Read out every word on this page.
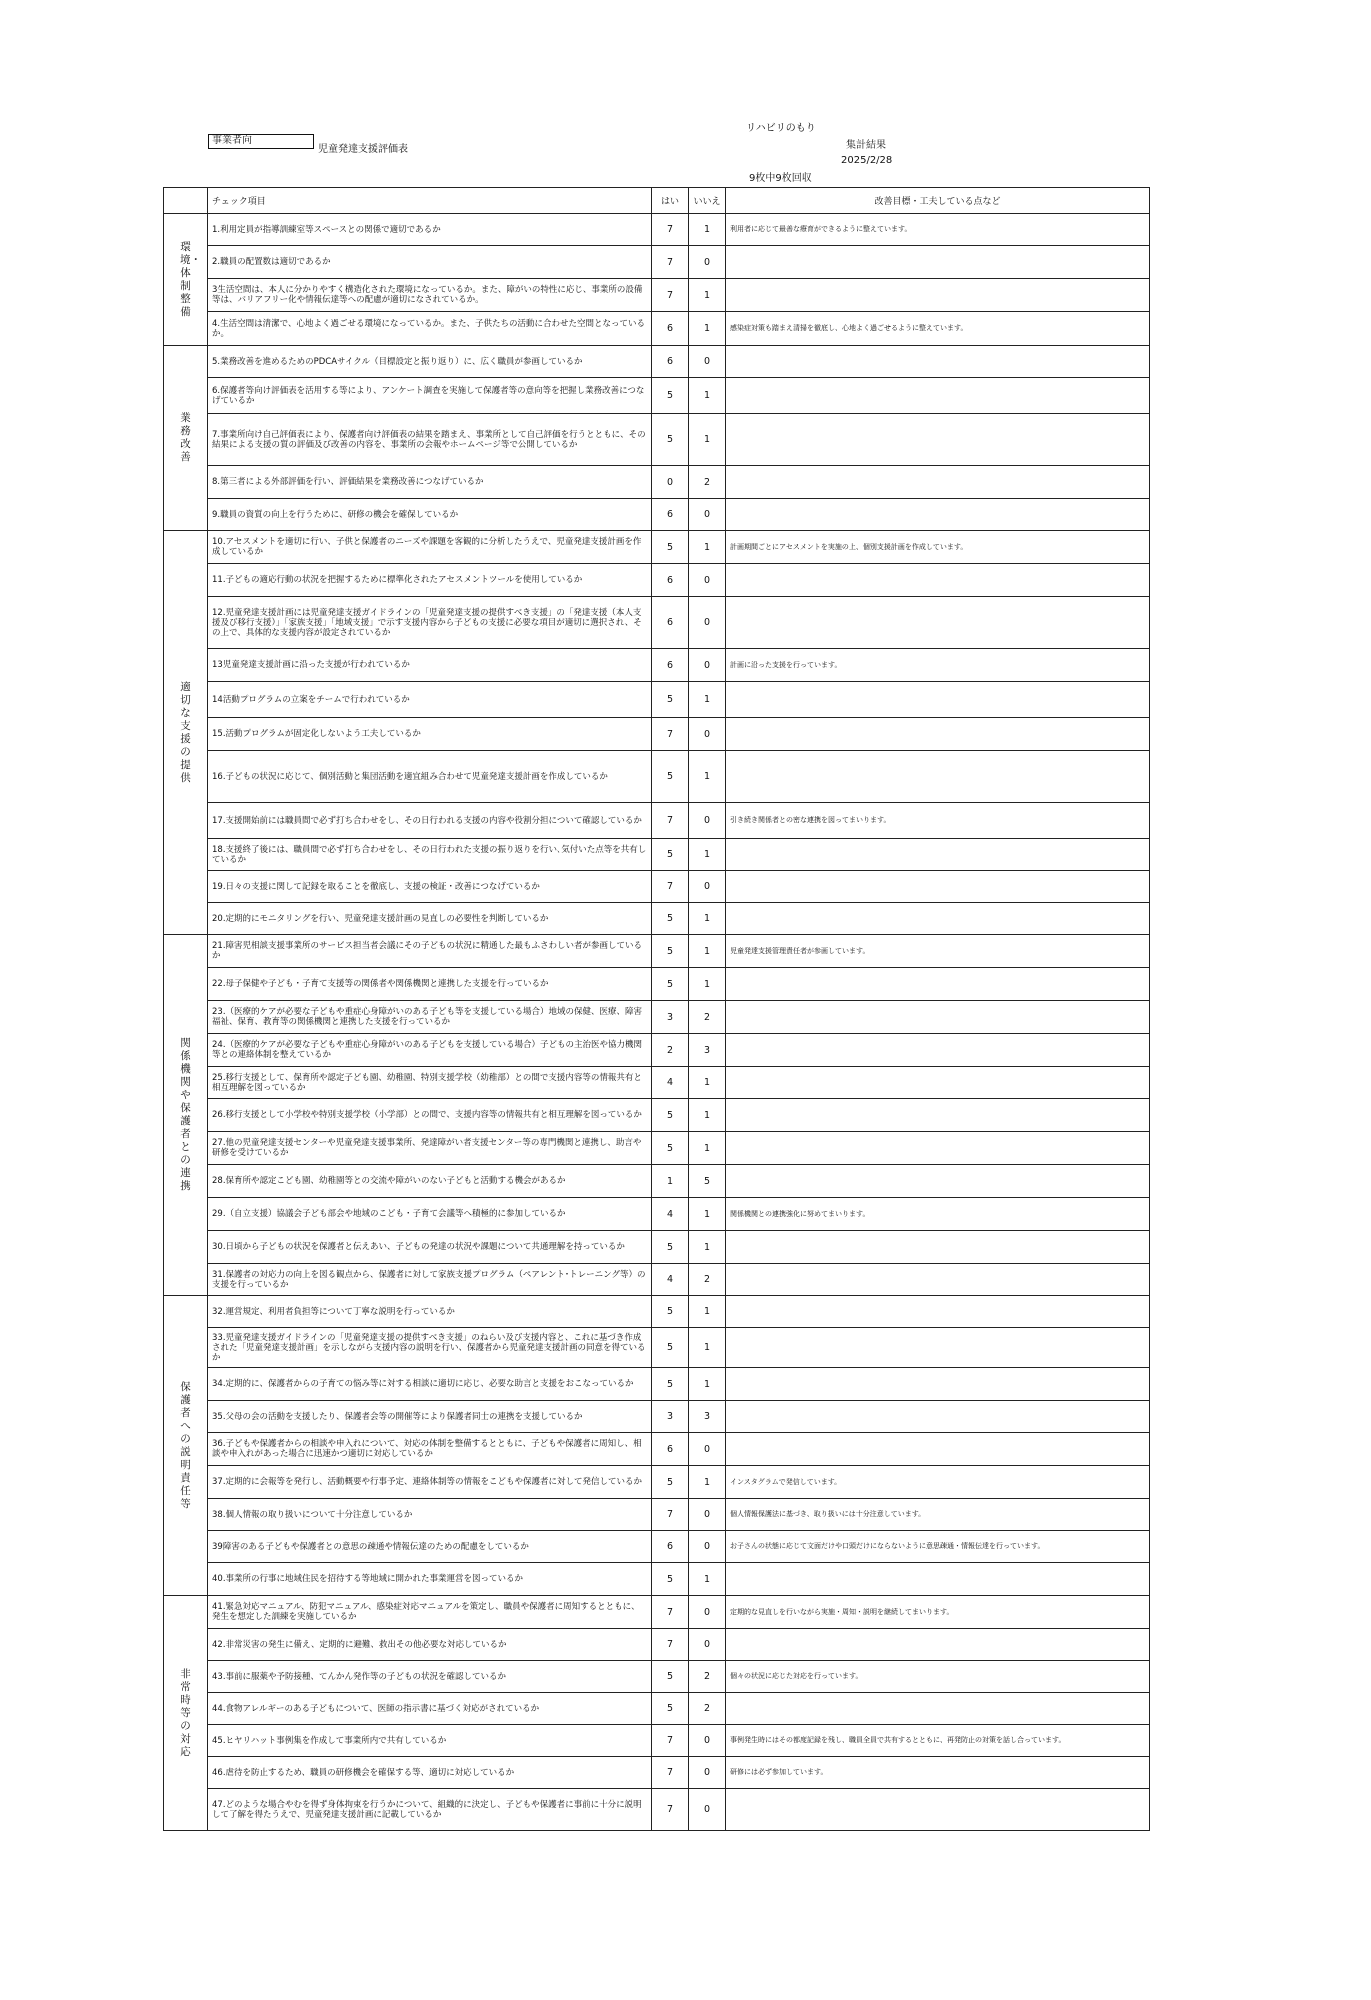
事業者向
児童発達支援評価表
リハビリのもり
集計結果
2025/2/28
9枚中9枚回収
	チェック項目	はい	いいえ	改善目標・工夫している点など
環境・体制整備	1.利用定員が指導訓練室等スペースとの関係で適切であるか	7	1	利用者に応じて最善な療育ができるように整えています。
	2.職員の配置数は適切であるか	7	0	
	3生活空間は、本人に分かりやすく構造化された環境になっているか。また、障がいの特性に応じ、事業所の設備等は、バリアフリー化や情報伝達等への配慮が適切になされているか。	7	1	
	4.生活空間は清潔で、心地よく過ごせる環境になっているか。また、子供たちの活動に合わせた空間となっているか。	6	1	感染症対策も踏まえ清掃を徹底し、心地よく過ごせるように整えています。
業務改善	5.業務改善を進めるためのPDCAサイクル（目標設定と振り返り）に、広く職員が参画しているか	6	0	
	6.保護者等向け評価表を活用する等により、アンケート調査を実施して保護者等の意向等を把握し業務改善につなげているか	5	1	
	7.事業所向け自己評価表により、保護者向け評価表の結果を踏まえ、事業所として自己評価を行うとともに、その結果による支援の質の評価及び改善の内容を、事業所の会報やホームページ等で公開しているか	5	1	
	8.第三者による外部評価を行い、評価結果を業務改善につなげているか	0	2	
	9.職員の資質の向上を行うために、研修の機会を確保しているか	6	0	
適切な支援の提供	10.アセスメントを適切に行い、子供と保護者のニーズや課題を客観的に分析したうえで、児童発達支援計画を作成しているか	5	1	計画期間ごとにアセスメントを実施の上、個別支援計画を作成しています。
	11.子どもの適応行動の状況を把握するために標準化されたアセスメントツールを使用しているか	6	0	
	12.児童発達支援計画には児童発達支援ガイドラインの「児童発達支援の提供すべき支援」の「発達支援（本人支援及び移行支援）」「家族支援」「地域支援」で示す支援内容から子どもの支援に必要な項目が適切に選択され、その上で、具体的な支援内容が設定されているか	6	0	
	13児童発達支援計画に沿った支援が行われているか	6	0	計画に沿った支援を行っています。
	14活動プログラムの立案をチームで行われているか	5	1	
	15.活動プログラムが固定化しないよう工夫しているか	7	0	
	16.子どもの状況に応じて、個別活動と集団活動を適宜組み合わせて児童発達支援計画を作成しているか	5	1	
	17.支援開始前には職員間で必ず打ち合わせをし、その日行われる支援の内容や役割分担について確認しているか	7	0	引き続き関係者との密な連携を図ってまいります。
	18.支援終了後には、職員間で必ず打ち合わせをし、その日行われた支援の振り返りを行い､気付いた点等を共有しているか	5	1	
	19.日々の支援に関して記録を取ることを徹底し、支援の検証・改善につなげているか	7	0	
	20.定期的にモニタリングを行い、児童発達支援計画の見直しの必要性を判断しているか	5	1	
関係機関や保護者との連携	21.障害児相談支援事業所のサービス担当者会議にその子どもの状況に精通した最もふさわしい者が参画しているか	5	1	児童発達支援管理責任者が参画しています。
	22.母子保健や子ども・子育て支援等の関係者や関係機関と連携した支援を行っているか	5	1	
	23.（医療的ケアが必要な子どもや重症心身障がいのある子ども等を支援している場合）地域の保健、医療、障害福祉、保育、教育等の関係機関と連携した支援を行っているか	3	2	
	24.（医療的ケアが必要な子どもや重症心身障がいのある子どもを支援している場合）子どもの主治医や協力機関等との連絡体制を整えているか	2	3	
	25.移行支援として、保育所や認定子ども園、幼稚園、特別支援学校（幼稚部）との間で支援内容等の情報共有と相互理解を図っているか	4	1	
	26.移行支援として小学校や特別支援学校（小学部）との間で、支援内容等の情報共有と相互理解を図っているか	5	1	
	27.他の児童発達支援センターや児童発達支援事業所、発達障がい者支援センター等の専門機関と連携し、助言や研修を受けているか	5	1	
	28.保育所や認定こども園、幼稚園等との交流や障がいのない子どもと活動する機会があるか	1	5	
	29.（自立支援）協議会子ども部会や地域のこども・子育て会議等へ積極的に参加しているか	4	1	関係機関との連携強化に努めてまいります。
	30.日頃から子どもの状況を保護者と伝えあい、子どもの発達の状況や課題について共通理解を持っているか	5	1	
	31.保護者の対応力の向上を図る観点から、保護者に対して家族支援プログラム（ペアレント･トレーニング等）の支援を行っているか	4	2	
保護者への説明責任等	32.運営規定、利用者負担等について丁寧な説明を行っているか	5	1	
	33.児童発達支援ガイドラインの「児童発達支援の提供すべき支援」のねらい及び支援内容と、これに基づき作成された「児童発達支援計画」を示しながら支援内容の説明を行い、保護者から児童発達支援計画の同意を得ているか	5	1	
	34.定期的に、保護者からの子育ての悩み等に対する相談に適切に応じ、必要な助言と支援をおこなっているか	5	1	
	35.父母の会の活動を支援したり、保護者会等の開催等により保護者同士の連携を支援しているか	3	3	
	36.子どもや保護者からの相談や申入れについて、対応の体制を整備するとともに、子どもや保護者に周知し、相談や申入れがあった場合に迅速かつ適切に対応しているか	6	0	
	37.定期的に会報等を発行し、活動概要や行事予定、連絡体制等の情報をこどもや保護者に対して発信しているか	5	1	インスタグラムで発信しています。
	38.個人情報の取り扱いについて十分注意しているか	7	0	個人情報保護法に基づき、取り扱いには十分注意しています。
	39障害のある子どもや保護者との意思の疎通や情報伝達のための配慮をしているか	6	0	お子さんの状態に応じて文面だけや口頭だけにならないように意思疎通・情報伝達を行っています。
	40.事業所の行事に地域住民を招待する等地域に開かれた事業運営を図っているか	5	1	
非常時等の対応	41.緊急対応マニュアル、防犯マニュアル、感染症対応マニュアルを策定し、職員や保護者に周知するとともに、発生を想定した訓練を実施しているか	7	0	定期的な見直しを行いながら実施・周知・説明を継続してまいります。
	42.非常災害の発生に備え、定期的に避難、救出その他必要な対応しているか	7	0	
	43.事前に服薬や予防接種、てんかん発作等の子どもの状況を確認しているか	5	2	個々の状況に応じた対応を行っています。
	44.食物アレルギーのある子どもについて、医師の指示書に基づく対応がされているか	5	2	
	45.ヒヤリハット事例集を作成して事業所内で共有しているか	7	0	事例発生時にはその都度記録を残し、職員全員で共有するとともに、再発防止の対策を話し合っています。
	46.虐待を防止するため、職員の研修機会を確保する等、適切に対応しているか	7	0	研修には必ず参加しています。
	47.どのような場合やむを得ず身体拘束を行うかについて、組織的に決定し、子どもや保護者に事前に十分に説明して了解を得たうえで、児童発達支援計画に記載しているか	7	0	
